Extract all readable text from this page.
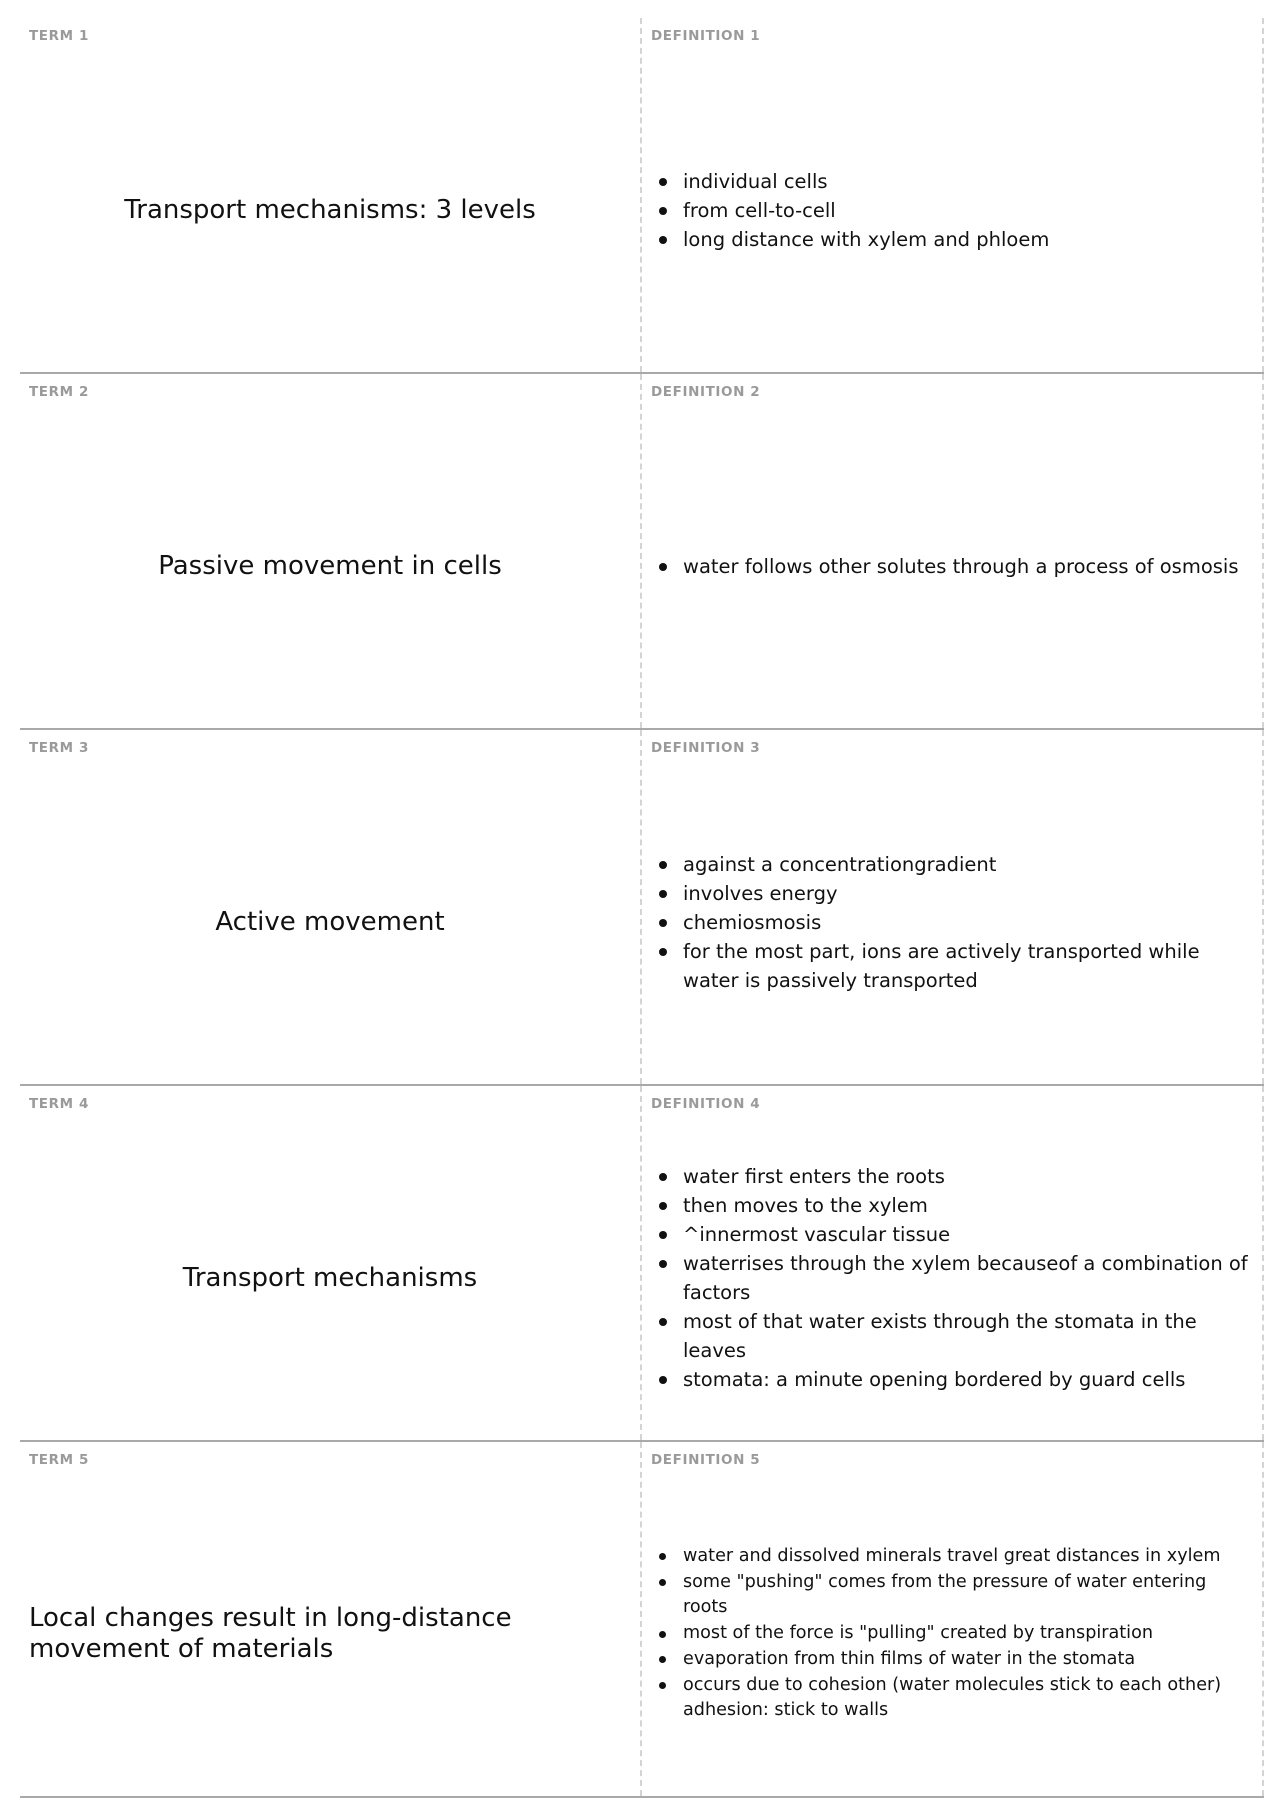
TERM 1
Transport mechanisms: 3 levels
DEFINITION 1
individual cells
from cell-to-cell
long distance with xylem and phloem
TERM 2
Passive movement in cells
DEFINITION 2
water follows other solutes through a process of osmosis
TERM 3
Active movement
DEFINITION 3
against a concentrationgradient
involves energy
chemiosmosis
for the most part, ions are actively transported while water is passively transported
TERM 4
Transport mechanisms
DEFINITION 4
water first enters the roots
then moves to the xylem
^innermost vascular tissue
waterrises through the xylem becauseof a combination of factors
most of that water exists through the stomata in the leaves
stomata: a minute opening bordered by guard cells
TERM 5
Local changes result in long-distance movement of materials
DEFINITION 5
water and dissolved minerals travel great distances in xylem
some "pushing" comes from the pressure of water entering roots
most of the force is "pulling" created by transpiration
evaporation from thin films of water in the stomata
occurs due to cohesion (water molecules stick to each other) adhesion: stick to walls
